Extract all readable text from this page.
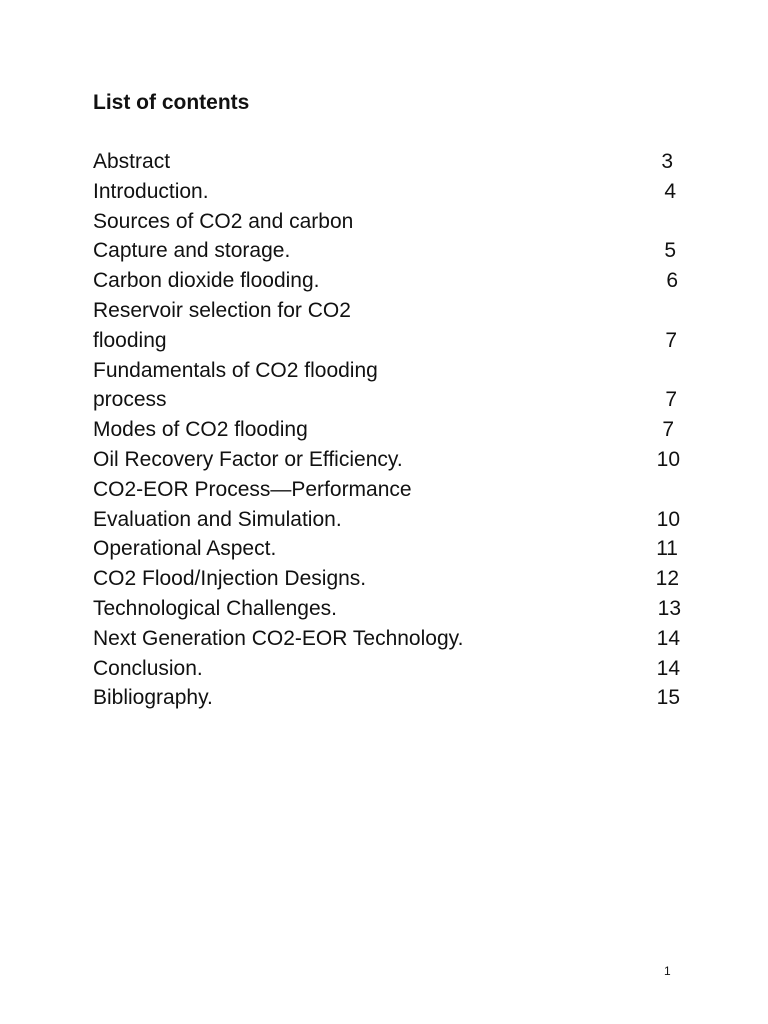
List of contents
Abstract	3
Introduction.	4
Sources of CO2 and carbon
Capture and storage.	5
Carbon dioxide flooding.	6
Reservoir selection for CO2
flooding	7
Fundamentals of CO2 flooding
process	7
Modes of CO2 flooding	7
Oil Recovery Factor or Efficiency.	10
CO2-EOR Process—Performance
Evaluation and Simulation.	10
Operational Aspect.	11
CO2 Flood/Injection Designs.	12
Technological Challenges.	13
Next Generation CO2-EOR Technology.	14
Conclusion.	14
Bibliography.	15
1
